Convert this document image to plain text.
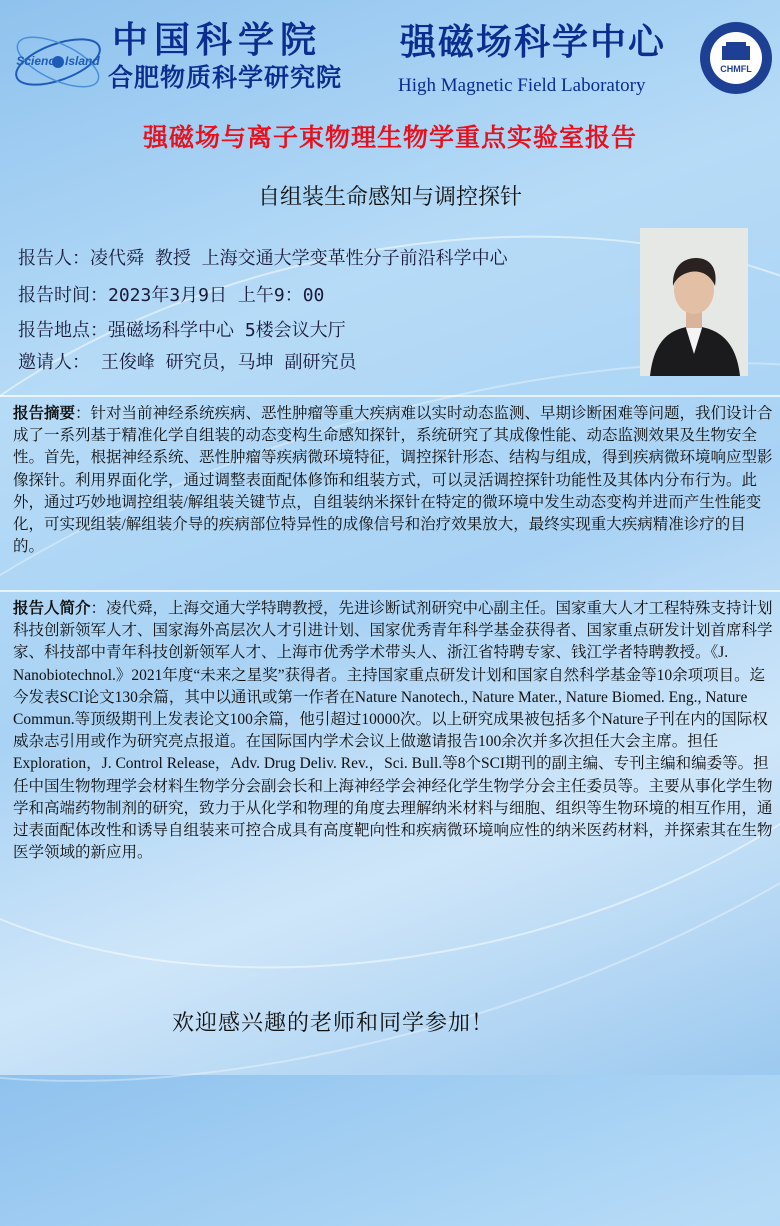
Science Island 中国科学院
合肥物质科学研究院
强磁场科学中心
High Magnetic Field Laboratory
CHMFL
强磁场与离子束物理生物学重点实验室报告
自组装生命感知与调控探针
报告人：凌代舜 教授 上海交通大学变革性分子前沿科学中心
报告时间：2023年3月9日 上午9：00
报告地点：强磁场科学中心 5楼会议大厅
邀请人： 王俊峰 研究员，马坤 副研究员
报告摘要：针对当前神经系统疾病、恶性肿瘤等重大疾病难以实时动态监测、早期诊断困难等问题，我们设计合成了一系列基于精准化学自组装的动态变构生命感知探针，系统研究了其成像性能、动态监测效果及生物安全性。首先，根据神经系统、恶性肿瘤等疾病微环境特征，调控探针形态、结构与组成，得到疾病微环境响应型影像探针。利用界面化学，通过调整表面配体修饰和组装方式，可以灵活调控探针功能性及其体内分布行为。此外，通过巧妙地调控组装/解组装关键节点，自组装纳米探针在特定的微环境中发生动态变构并进而产生性能变化，可实现组装/解组装介导的疾病部位特异性的成像信号和治疗效果放大，最终实现重大疾病精准诊疗的目的。
报告人简介：凌代舜，上海交通大学特聘教授，先进诊断试剂研究中心副主任。国家重大人才工程特殊支持计划科技创新领军人才、国家海外高层次人才引进计划、国家优秀青年科学基金获得者、国家重点研发计划首席科学家、科技部中青年科技创新领军人才、上海市优秀学术带头人、浙江省特聘专家、钱江学者特聘教授。《J. Nanobiotechnol.》2021年度“未来之星奖”获得者。主持国家重点研发计划和国家自然科学基金等10余项项目。迄今发表SCI论文130余篇，其中以通讯或第一作者在Nature Nanotech., Nature Mater., Nature Biomed. Eng., Nature Commun.等顶级期刊上发表论文100余篇，他引超过10000次。以上研究成果被包括多个Nature子刊在内的国际权威杂志引用或作为研究亮点报道。在国际国内学术会议上做邀请报告100余次并多次担任大会主席。担任Exploration，J. Control Release，Adv. Drug Deliv. Rev.，Sci. Bull.等8个SCI期刊的副主编、专刊主编和编委等。担任中国生物物理学会材料生物学分会副会长和上海神经学会神经化学生物学分会主任委员等。主要从事化学生物学和高端药物制剂的研究，致力于从化学和物理的角度去理解纳米材料与细胞、组织等生物环境的相互作用，通过表面配体改性和诱导自组装来可控合成具有高度靶向性和疾病微环境响应性的纳米医药材料，并探索其在生物医学领域的新应用。
欢迎感兴趣的老师和同学参加！
